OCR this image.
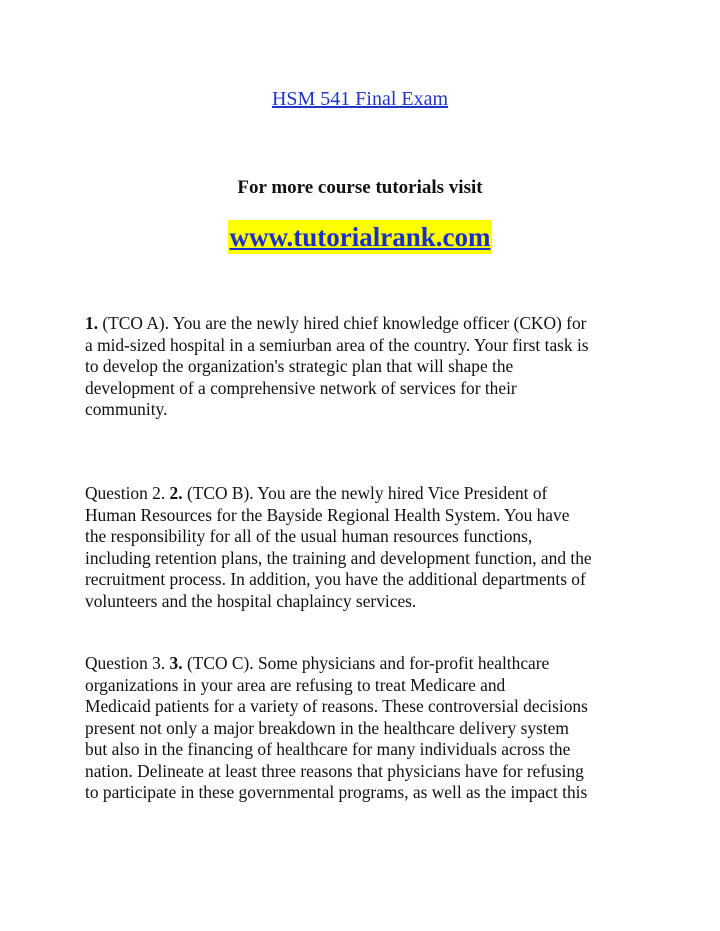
HSM 541 Final Exam
For more course tutorials visit
www.tutorialrank.com
1. (TCO A). You are the newly hired chief knowledge officer (CKO) for
a mid-sized hospital in a semiurban area of the country. Your first task is
to develop the organization's strategic plan that will shape the
development of a comprehensive network of services for their
community.
Question 2. 2. (TCO B). You are the newly hired Vice President of
Human Resources for the Bayside Regional Health System. You have
the responsibility for all of the usual human resources functions,
including retention plans, the training and development function, and the
recruitment process. In addition, you have the additional departments of
volunteers and the hospital chaplaincy services.
Question 3. 3. (TCO C). Some physicians and for-profit healthcare
organizations in your area are refusing to treat Medicare and
Medicaid patients for a variety of reasons. These controversial decisions
present not only a major breakdown in the healthcare delivery system
but also in the financing of healthcare for many individuals across the
nation. Delineate at least three reasons that physicians have for refusing
to participate in these governmental programs, as well as the impact this
